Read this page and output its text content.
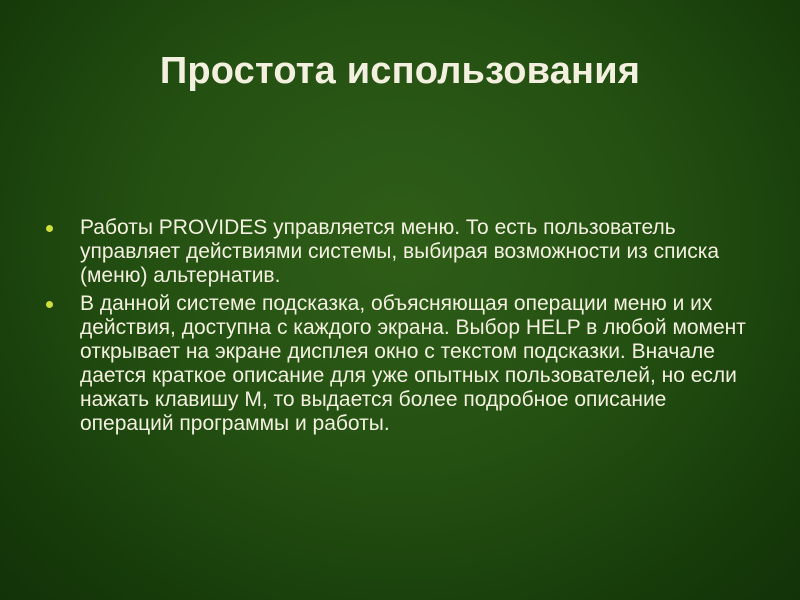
Простота использования
Работы PROVIDES управляется меню. То есть пользователь управляет действиями системы, выбирая возможности из списка (меню) альтернатив.
В данной системе подсказка, объясняющая операции меню и их действия, доступна с каждого экрана. Выбор HELP в любой момент открывает на экране дисплея окно с текстом подсказки. Вначале дается краткое описание для уже опытных пользователей, но если нажать клавишу М, то выдается более подробное описание операций программы и работы.
